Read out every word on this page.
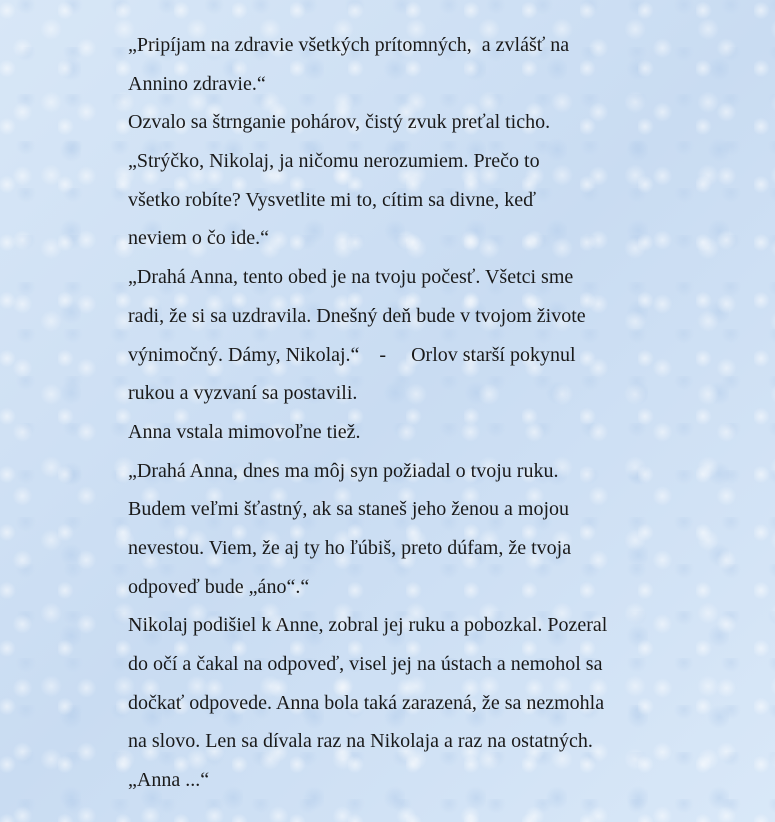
„Pripíjam na zdravie všetkých prítomných,  a zvlášť na
Annino zdravie.“
Ozvalo sa štrnganie pohárov, čistý zvuk preťal ticho.
„Strýčko, Nikolaj, ja ničomu nerozumiem. Prečo to
všetko robíte? Vysvetlite mi to, cítim sa divne, keď
neviem o čo ide.“
„Drahá Anna, tento obed je na tvoju počesť. Všetci sme
radi, že si sa uzdravila. Dnešný deň bude v tvojom živote
výnimočný. Dámy, Nikolaj.“    -     Orlov starší pokynul
rukou a vyzvaní sa postavili.
Anna vstala mimovoľne tiež.
„Drahá Anna, dnes ma môj syn požiadal o tvoju ruku.
Budem veľmi šťastný, ak sa staneš jeho ženou a mojou
nevestou. Viem, že aj ty ho ľúbiš, preto dúfam, že tvoja
odpoveď bude „áno“.“
Nikolaj podišiel k Anne, zobral jej ruku a pobozkal. Pozeral
do očí a čakal na odpoveď, visel jej na ústach a nemohol sa
dočkať odpovede. Anna bola taká zarazená, že sa nezmohla
na slovo. Len sa dívala raz na Nikolaja a raz na ostatných.
„Anna ...“
